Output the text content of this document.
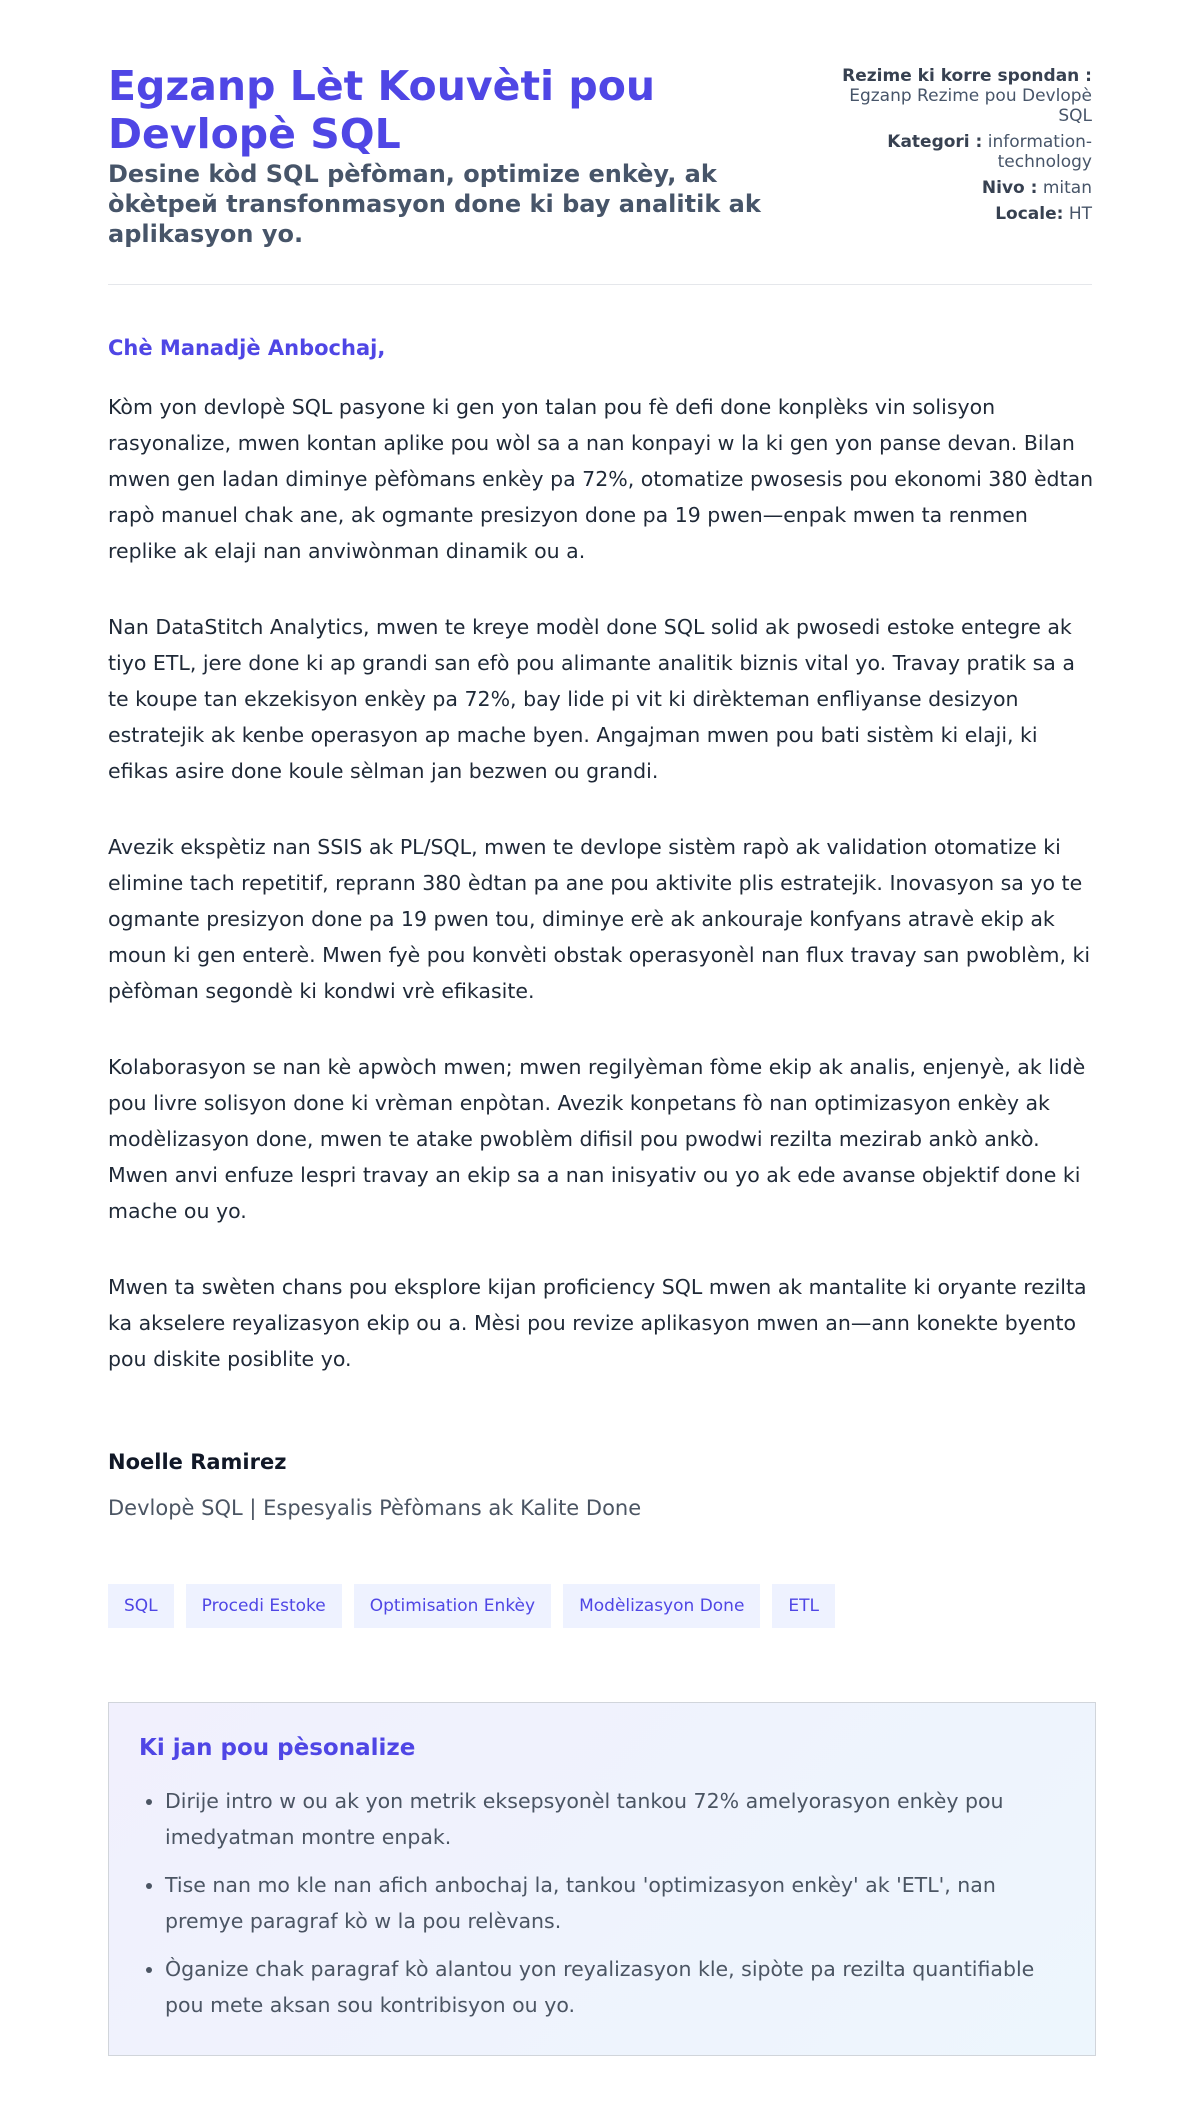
Egzanp Lèt Kouvèti pou Devlopè SQL
Desine kòd SQL pèfòman, optimize enkèy, ak òkètpeй transfonmasyon done ki bay analitik ak aplikasyon yo.
Rezime ki korre spondan : Egzanp Rezime pou Devlopè SQL
Kategori : information-technology
Nivo : mitan
Locale: HT

Chè Manadjè Anbochaj,

Kòm yon devlopè SQL pasyone ki gen yon talan pou fè defi done konplèks vin solisyon rasyonalize, mwen kontan aplike pou wòl sa a nan konpayi w la ki gen yon panse devan. Bilan mwen gen ladan diminye pèfòmans enkèy pa 72%, otomatize pwosesis pou ekonomi 380 èdtan rapò manuel chak ane, ak ogmante presizyon done pa 19 pwen—enpak mwen ta renmen replike ak elaji nan anviwònman dinamik ou a.

Nan DataStitch Analytics, mwen te kreye modèl done SQL solid ak pwosedi estoke entegre ak tiyo ETL, jere done ki ap grandi san efò pou alimante analitik biznis vital yo. Travay pratik sa a te koupe tan ekzekisyon enkèy pa 72%, bay lide pi vit ki dirèkteman enfliyanse desizyon estratejik ak kenbe operasyon ap mache byen. Angajman mwen pou bati sistèm ki elaji, ki efikas asire done koule sèlman jan bezwen ou grandi.

Avezik ekspètiz nan SSIS ak PL/SQL, mwen te devlope sistèm rapò ak validation otomatize ki elimine tach repetitif, reprann 380 èdtan pa ane pou aktivite plis estratejik. Inovasyon sa yo te ogmante presizyon done pa 19 pwen tou, diminye erè ak ankouraje konfyans atravè ekip ak moun ki gen enterè. Mwen fyè pou konvèti obstak operasyonèl nan flux travay san pwoblèm, ki pèfòman segondè ki kondwi vrè efikasite.

Kolaborasyon se nan kè apwòch mwen; mwen regilyèman fòme ekip ak analis, enjenyè, ak lidè pou livre solisyon done ki vrèman enpòtan. Avezik konpetans fò nan optimizasyon enkèy ak modèlizasyon done, mwen te atake pwoblèm difisil pou pwodwi rezilta mezirab ankò ankò. Mwen anvi enfuze lespri travay an ekip sa a nan inisyativ ou yo ak ede avanse objektif done ki mache ou yo.

Mwen ta swèten chans pou eksplore kijan proficiency SQL mwen ak mantalite ki oryante rezilta ka akselere reyalizasyon ekip ou a. Mèsi pou revize aplikasyon mwen an—ann konekte byento pou diskite posiblite yo.

Noelle Ramirez

Devlopè SQL | Espesyalis Pèfòmans ak Kalite Done

SQL	Procedi Estoke	Optimisation Enkèy	Modèlizasyon Done	ETL
Ki jan pou pèsonalize
• Dirije intro w ou ak yon metrik eksepsyonèl tankou 72% amelyorasyon enkèy pou imedyatman montre enpak.
• Tise nan mo kle nan afich anbochaj la, tankou 'optimizasyon enkèy' ak 'ETL', nan premye paragraf kò w la pou relèvans.
• Òganize chak paragraf kò alantou yon reyalizasyon kle, sipòte pa rezilta quantifiable pou mete aksan sou kontribisyon ou yo.
